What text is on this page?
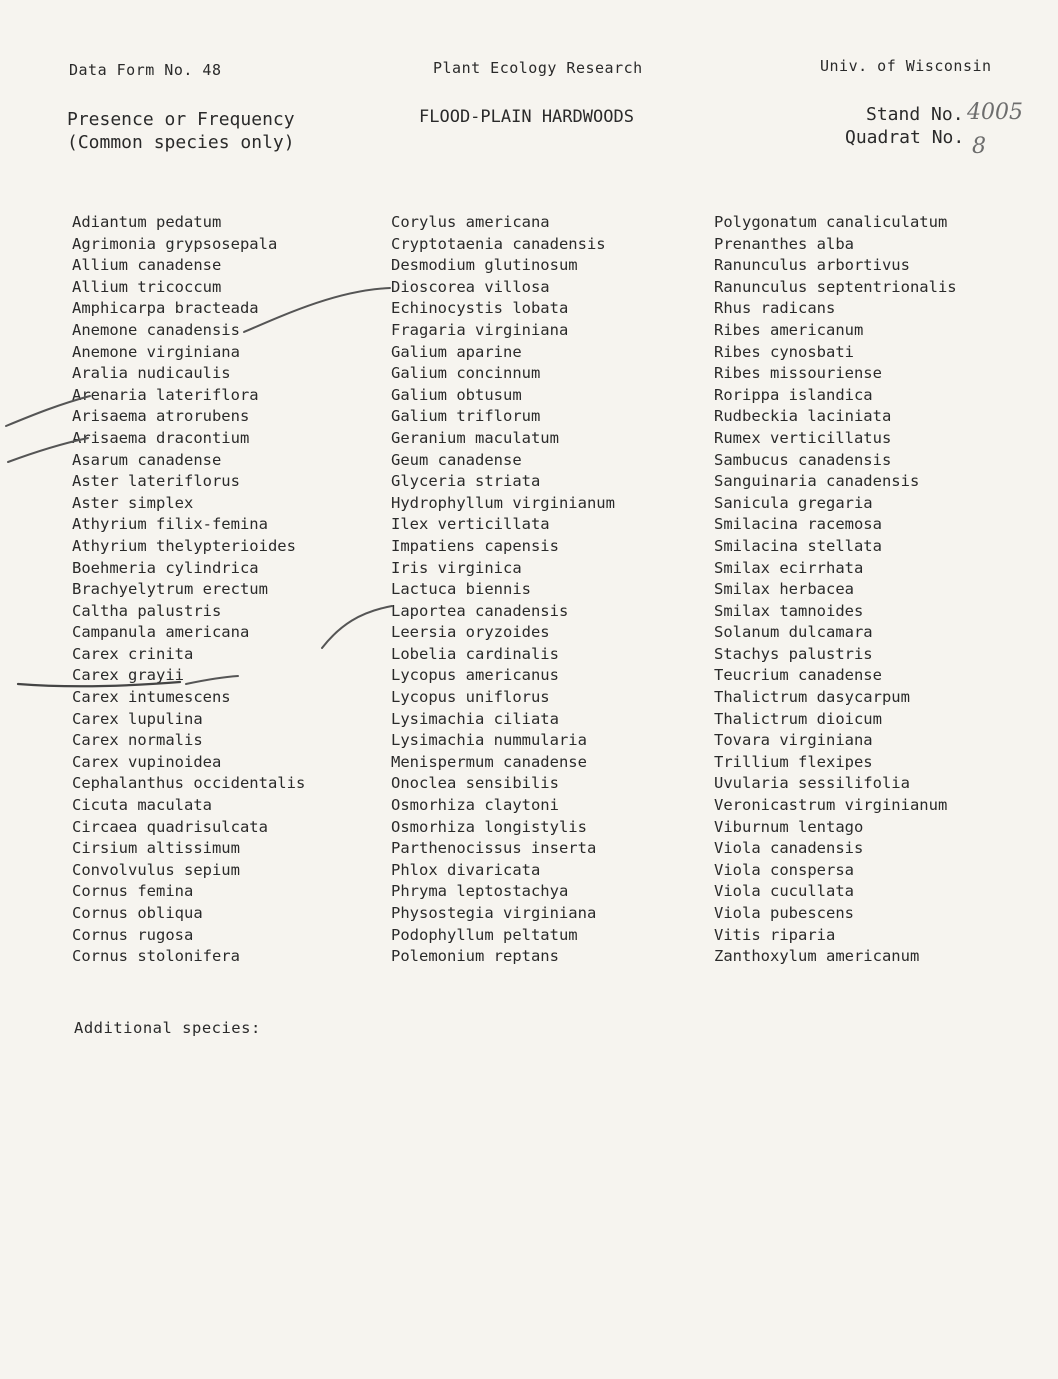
Data Form No. 48	Plant Ecology Research	Univ. of Wisconsin
Presence or Frequency
(Common species only)
FLOOD-PLAIN HARDWOODS	Stand No. 4005
Quadrat No. 8
Adiantum pedatum
Agrimonia grypsosepala
Allium canadense
Allium tricoccum
Amphicarpa bracteada
Anemone canadensis
Anemone virginiana
Aralia nudicaulis
Arenaria lateriflora
Arisaema atrorubens
Arisaema dracontium
Asarum canadense
Aster lateriflorus
Aster simplex
Athyrium filix-femina
Athyrium thelypterioides
Boehmeria cylindrica
Brachyelytrum erectum
Caltha palustris
Campanula americana
Carex crinita
Carex grayii
Carex intumescens
Carex lupulina
Carex normalis
Carex vupinoidea
Cephalanthus occidentalis
Cicuta maculata
Circaea quadrisulcata
Cirsium altissimum
Convolvulus sepium
Cornus femina
Cornus obliqua
Cornus rugosa
Cornus stolonifera
Corylus americana
Cryptotaenia canadensis
Desmodium glutinosum
Dioscorea villosa
Echinocystis lobata
Fragaria virginiana
Galium aparine
Galium concinnum
Galium obtusum
Galium triflorum
Geranium maculatum
Geum canadense
Glyceria striata
Hydrophyllum virginianum
Ilex verticillata
Impatiens capensis
Iris virginica
Lactuca biennis
Laportea canadensis
Leersia oryzoides
Lobelia cardinalis
Lycopus americanus
Lycopus uniflorus
Lysimachia ciliata
Lysimachia nummularia
Menispermum canadense
Onoclea sensibilis
Osmorhiza claytoni
Osmorhiza longistylis
Parthenocissus inserta
Phlox divaricata
Phryma leptostachya
Physostegia virginiana
Podophyllum peltatum
Polemonium reptans
Polygonatum canaliculatum
Prenanthes alba
Ranunculus arbortivus
Ranunculus septentrionalis
Rhus radicans
Ribes americanum
Ribes cynosbati
Ribes missouriense
Rorippa islandica
Rudbeckia laciniata
Rumex verticillatus
Sambucus canadensis
Sanguinaria canadensis
Sanicula gregaria
Smilacina racemosa
Smilacina stellata
Smilax ecirrhata
Smilax herbacea
Smilax tamnoides
Solanum dulcamara
Stachys palustris
Teucrium canadense
Thalictrum dasycarpum
Thalictrum dioicum
Tovara virginiana
Trillium flexipes
Uvularia sessilifolia
Veronicastrum virginianum
Viburnum lentago
Viola canadensis
Viola conspersa
Viola cucullata
Viola pubescens
Vitis riparia
Zanthoxylum americanum
Additional species:
